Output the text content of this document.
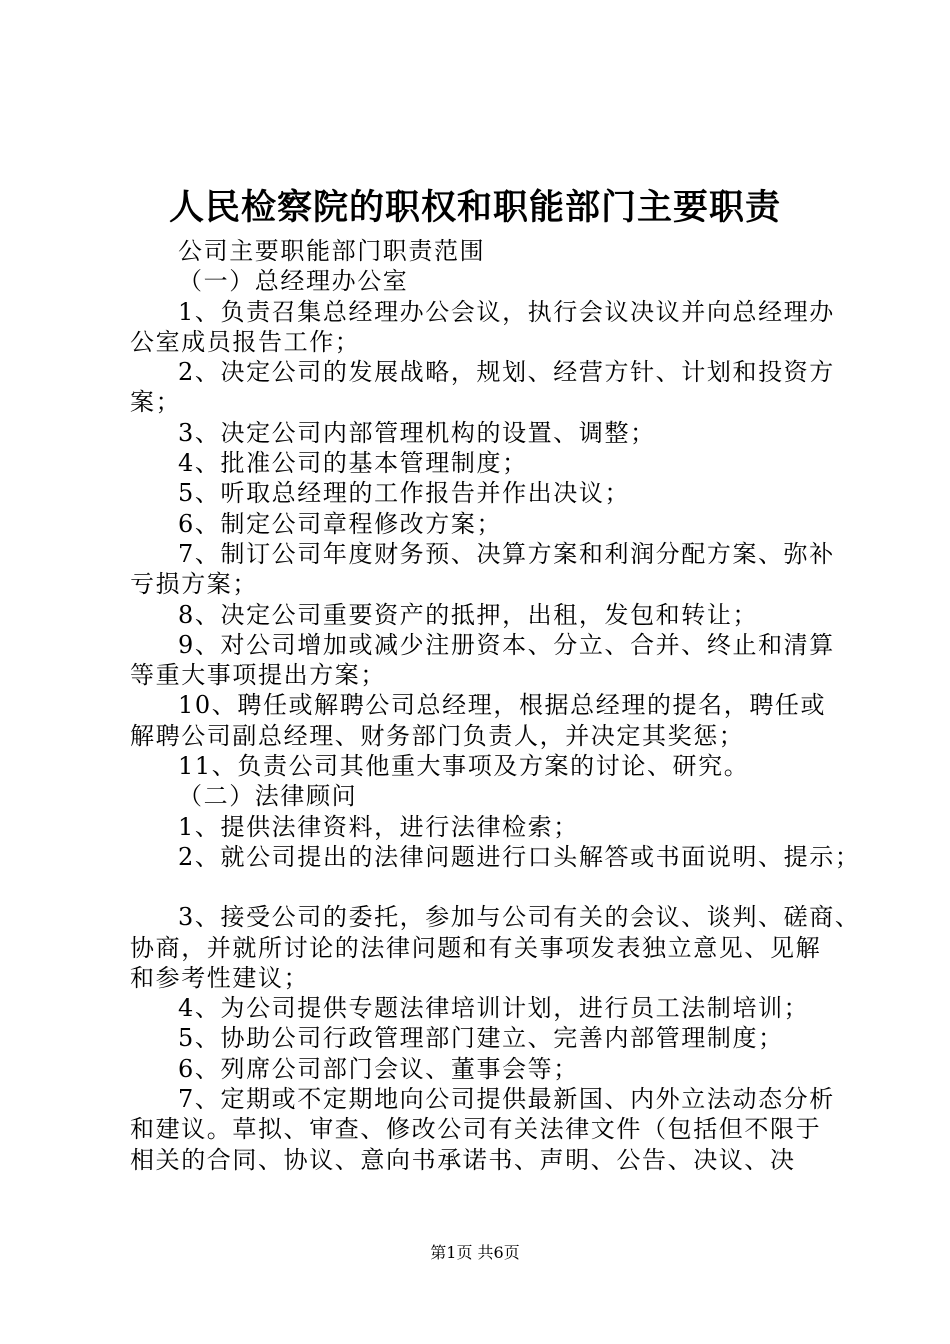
人民检察院的职权和职能部门主要职责
公司主要职能部门职责范围
（一）总经理办公室
1、负责召集总经理办公会议，执行会议决议并向总经理办
公室成员报告工作；
2、决定公司的发展战略，规划、经营方针、计划和投资方
案；
3、决定公司内部管理机构的设置、调整；
4、批准公司的基本管理制度；
5、听取总经理的工作报告并作出决议；
6、制定公司章程修改方案；
7、制订公司年度财务预、决算方案和利润分配方案、弥补
亏损方案；
8、决定公司重要资产的抵押，出租，发包和转让；
9、对公司增加或减少注册资本、分立、合并、终止和清算
等重大事项提出方案；
10、聘任或解聘公司总经理，根据总经理的提名，聘任或
解聘公司副总经理、财务部门负责人，并决定其奖惩；
11、负责公司其他重大事项及方案的讨论、研究。
（二）法律顾问
1、提供法律资料，进行法律检索；
2、就公司提出的法律问题进行口头解答或书面说明、提示；
3、接受公司的委托，参加与公司有关的会议、谈判、磋商、
协商，并就所讨论的法律问题和有关事项发表独立意见、见解
和参考性建议；
4、为公司提供专题法律培训计划，进行员工法制培训；
5、协助公司行政管理部门建立、完善内部管理制度；
6、列席公司部门会议、董事会等；
7、定期或不定期地向公司提供最新国、内外立法动态分析
和建议。草拟、审查、修改公司有关法律文件（包括但不限于
相关的合同、协议、意向书承诺书、声明、公告、决议、决
第1页 共6页
